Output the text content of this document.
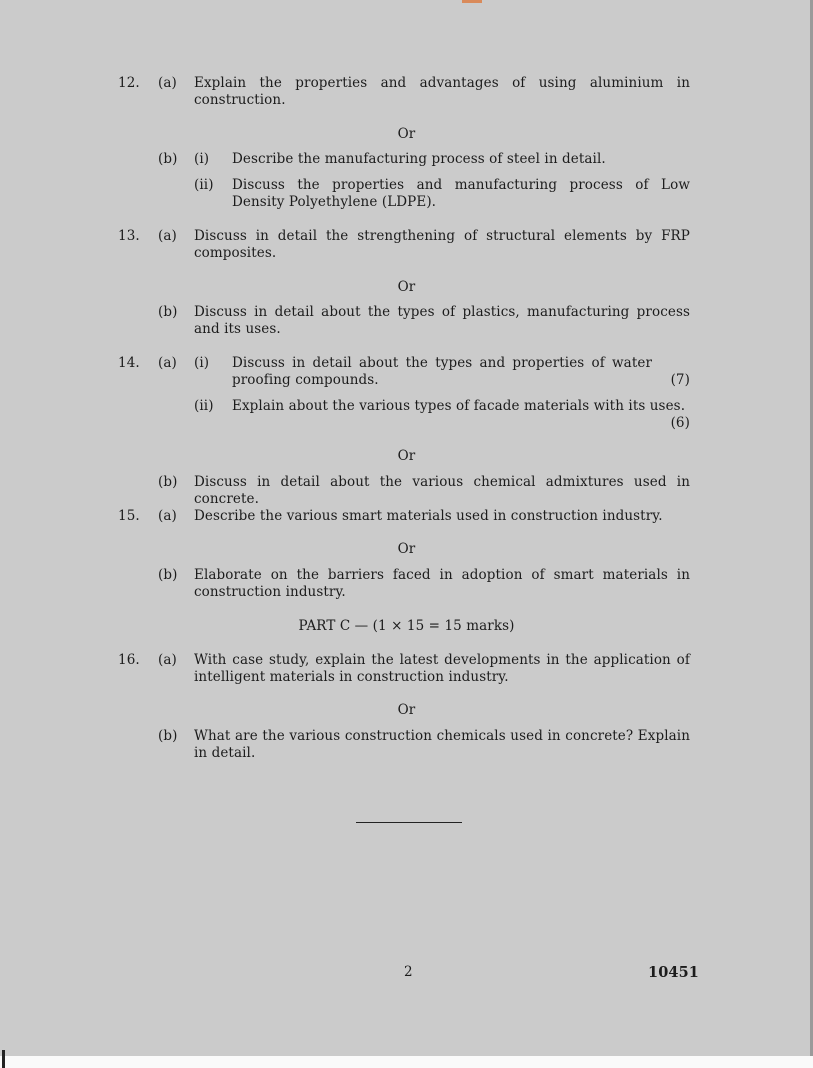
12. (a) Explain the properties and advantages of using aluminium in construction.
Or
(b) (i) Describe the manufacturing process of steel in detail.
(ii) Discuss the properties and manufacturing process of Low Density Polyethylene (LDPE).
13. (a) Discuss in detail the strengthening of structural elements by FRP composites.
Or
(b) Discuss in detail about the types of plastics, manufacturing process and its uses.
14. (a) (i) Discuss in detail about the types and properties of water proofing compounds.	(7)
(ii) Explain about the various types of facade materials with its uses.
(6)
Or
(b) Discuss in detail about the various chemical admixtures used in concrete.
15. (a) Describe the various smart materials used in construction industry.
Or
(b) Elaborate on the barriers faced in adoption of smart materials in construction industry.
PART C — (1 × 15 = 15 marks)
16. (a) With case study, explain the latest developments in the application of intelligent materials in construction industry.
Or
(b) What are the various construction chemicals used in concrete? Explain in detail.
2	10451
